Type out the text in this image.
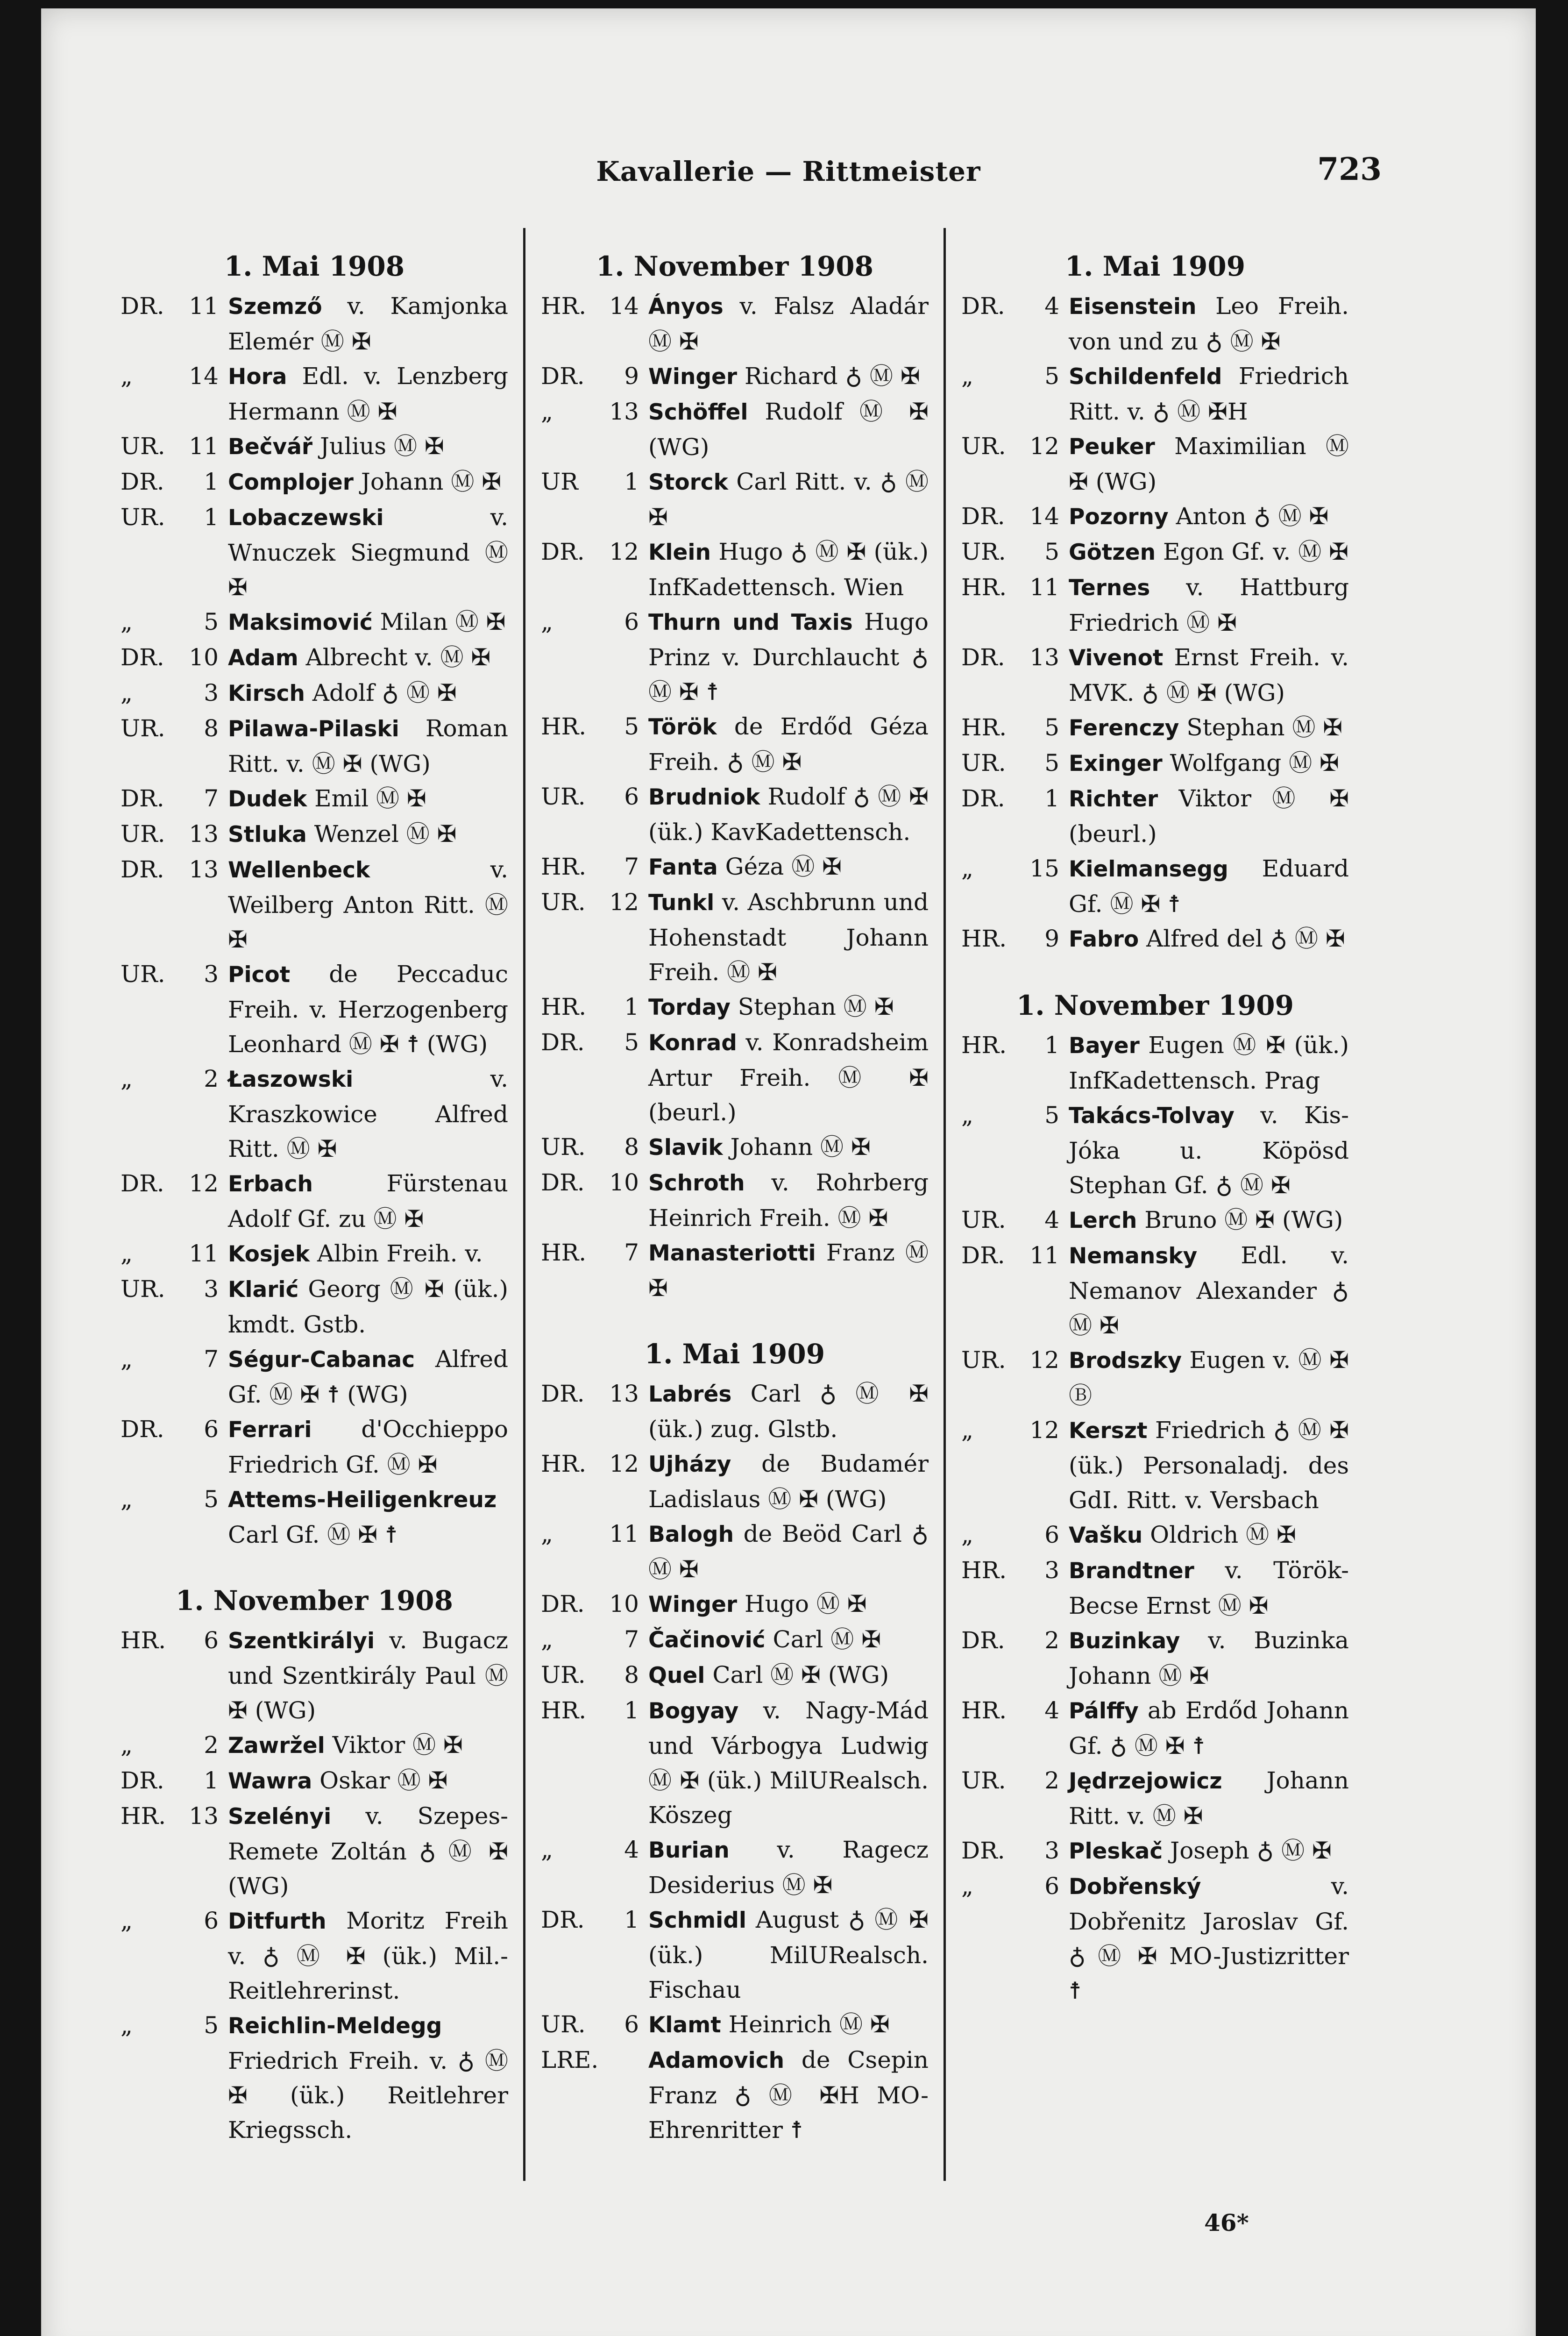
Kavallerie — Rittmeister	723
1. Mai 1908
DR. 11 Szemző v. Kamjonka Elemér Ⓜ ✠
„ 14 Hora Edl. v. Lenzberg Hermann Ⓜ ✠
UR. 11 Bečvář Julius Ⓜ ✠
DR. 1 Complojer Johann Ⓜ ✠
UR. 1 Lobaczewski	v. Wnuczek Siegmund Ⓜ ✠
„	5 Maksimović Milan Ⓜ ✠
DR. 10 Adam Albrecht v. Ⓜ ✠
„	3 Kirsch Adolf ♁ Ⓜ ✠
UR. 8 Pilawa-Pilaski Roman Ritt. v. Ⓜ ✠ (WG)
DR. 7 Dudek Emil Ⓜ ✠
UR. 13 Stluka Wenzel Ⓜ ✠
DR. 13 Wellenbeck	v. Weilberg Anton Ritt. Ⓜ ✠
UR. 3 Picot de Peccaduc Freih. v. Herzogenberg Leonhard Ⓜ ✠ ☨ (WG)
„	2 Łaszowski	v. Kraszkowice Alfred Ritt. Ⓜ ✠
DR. 12 Erbach	Fürstenau Adolf Gf. zu Ⓜ ✠
„ 11 Kosjek Albin Freih. v.
UR. 3 Klarić Georg Ⓜ ✠ (ük.) kmdt. Gstb.
„	7 Ségur-Cabanac Alfred Gf. Ⓜ ✠ ☨ (WG)
DR. 6 Ferrari d'Occhieppo Friedrich Gf. Ⓜ ✠
„	5 Attems-Heiligenkreuz Carl Gf. Ⓜ ✠ ☨
1. November 1908
HR. 6 Szentkirályi v. Bugacz und Szentkirály Paul Ⓜ ✠ (WG)
„	2 Zawržel Viktor Ⓜ ✠
DR. 1 Wawra Oskar Ⓜ ✠
HR. 13 Szelényi v. Szepes-Remete Zoltán ♁ Ⓜ ✠ (WG)
„	6 Ditfurth Moritz Freih v. ♁ Ⓜ ✠ (ük.) Mil.-Reitlehrerinst.
„	5 Reichlin-Meldegg Friedrich Freih. v. ♁ Ⓜ ✠ (ük.) Reitlehrer Kriegssch.
1. November 1908
HR. 14 Ányos v. Falsz Aladár Ⓜ ✠
DR. 9 Winger Richard ♁ Ⓜ ✠
„ 13 Schöffel Rudolf Ⓜ ✠ (WG)
UR 1 Storck Carl Ritt. v. ♁ Ⓜ ✠
DR. 12 Klein Hugo ♁ Ⓜ ✠ (ük.) InfKadettensch. Wien
„	6 Thurn und Taxis Hugo Prinz v. Durchlaucht ♁ Ⓜ ✠ ☨
HR. 5 Török de Erdőd Géza Freih. ♁ Ⓜ ✠
UR. 6 Brudniok Rudolf ♁ Ⓜ ✠ (ük.) KavKadettensch.
HR. 7 Fanta Géza Ⓜ ✠
UR. 12 Tunkl v. Aschbrunn und Hohenstadt Johann Freih. Ⓜ ✠
HR. 1 Torday Stephan Ⓜ ✠
DR. 5 Konrad v. Konradsheim Artur Freih. Ⓜ ✠ (beurl.)
UR. 8 Slavik Johann Ⓜ ✠
DR. 10 Schroth v. Rohrberg Heinrich Freih. Ⓜ ✠
HR. 7 Manasteriotti Franz Ⓜ ✠
1. Mai 1909
DR. 13 Labrés Carl ♁ Ⓜ ✠ (ük.) zug. Glstb.
HR. 12 Ujházy de Budamér Ladislaus Ⓜ ✠ (WG)
„ 11 Balogh de Beöd Carl ♁ Ⓜ ✠
DR. 10 Winger Hugo Ⓜ ✠
„	7 Čačinović Carl Ⓜ ✠
UR. 8 Quel Carl Ⓜ ✠ (WG)
HR. 1 Bogyay v. Nagy-Mád und Várbogya Ludwig Ⓜ ✠ (ük.) MilURealsch. Köszeg
„	4 Burian v. Ragecz Desiderius Ⓜ ✠
DR. 1 Schmidl August ♁ Ⓜ ✠ (ük.) MilURealsch. Fischau
UR. 6 Klamt Heinrich Ⓜ ✠
LRE. Adamovich de Csepin Franz ♁ Ⓜ ✠H MO-Ehrenritter ☨
1. Mai 1909
DR. 4 Eisenstein Leo Freih. von und zu ♁ Ⓜ ✠
„	5 Schildenfeld Friedrich Ritt. v. ♁ Ⓜ ✠H
UR. 12 Peuker Maximilian Ⓜ ✠ (WG)
DR. 14 Pozorny Anton ♁ Ⓜ ✠
UR. 5 Götzen Egon Gf. v. Ⓜ ✠
HR. 11 Ternes v. Hattburg Friedrich Ⓜ ✠
DR. 13 Vivenot Ernst Freih. v. MVK. ♁ Ⓜ ✠ (WG)
HR. 5 Ferenczy Stephan Ⓜ ✠
UR. 5 Exinger Wolfgang Ⓜ ✠
DR. 1 Richter Viktor Ⓜ ✠ (beurl.)
„ 15 Kielmansegg Eduard Gf. Ⓜ ✠ ☨
HR. 9 Fabro Alfred del ♁ Ⓜ ✠
1. November 1909
HR. 1 Bayer Eugen Ⓜ ✠ (ük.) InfKadettensch. Prag
„	5 Takács-Tolvay v. Kis-Jóka u. Köpösd Stephan Gf. ♁ Ⓜ ✠
UR. 4 Lerch Bruno Ⓜ ✠ (WG)
DR. 11 Nemansky Edl. v. Nemanov Alexander ♁ Ⓜ ✠
UR. 12 Brodszky Eugen v. Ⓜ ✠ Ⓑ
„ 12 Kerszt Friedrich ♁ Ⓜ ✠ (ük.) Personaladj. des GdI. Ritt. v. Versbach
„	6 Vašku Oldrich Ⓜ ✠
HR. 3 Brandtner v. Török-Becse Ernst Ⓜ ✠
DR. 2 Buzinkay v. Buzinka Johann Ⓜ ✠
HR. 4 Pálffy ab Erdőd Johann Gf. ♁ Ⓜ ✠ ☨
UR. 2 Jędrzejowicz Johann Ritt. v. Ⓜ ✠
DR. 3 Pleskač Joseph ♁ Ⓜ ✠
„	6 Dobřenský	v. Dobřenitz Jaroslav Gf. ♁ Ⓜ ✠ MO-Justizritter ☨
46*
